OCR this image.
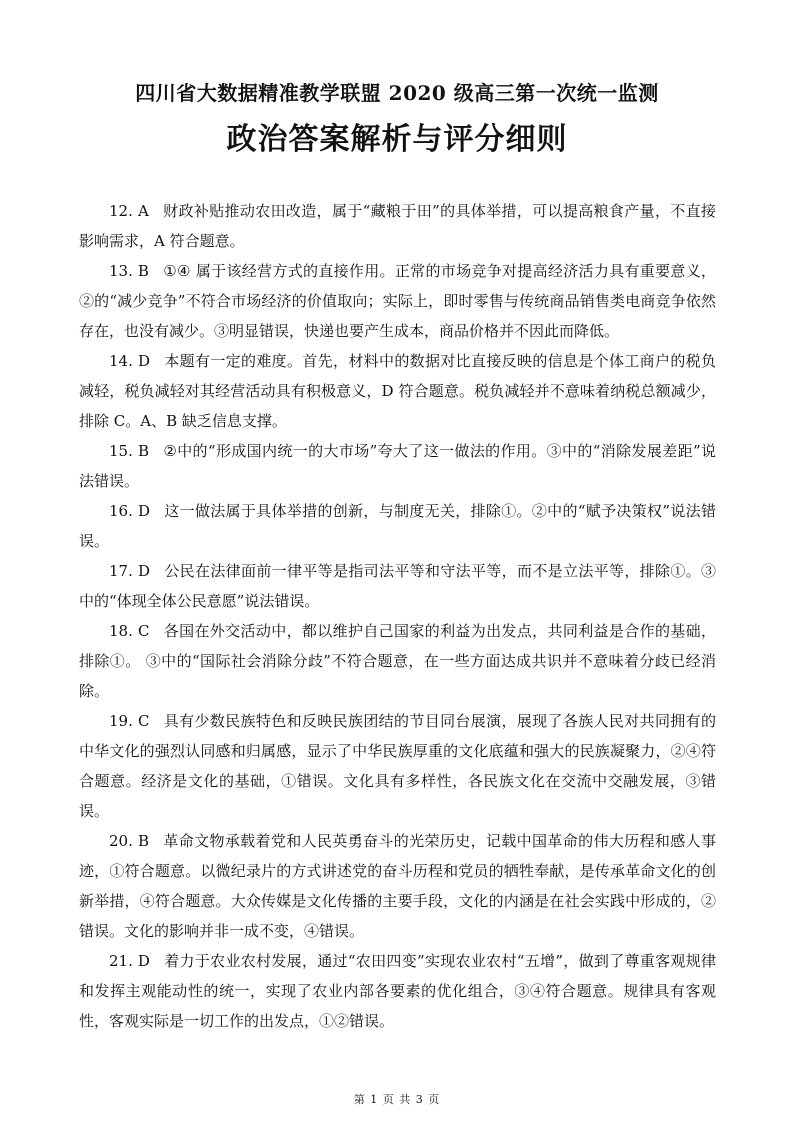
四川省大数据精准教学联盟 2020 级高三第一次统一监测

政治答案解析与评分细则

12. A 财政补贴推动农田改造，属于“藏粮于田”的具体举措，可以提高粮食产量，不直接影响需求，A 符合题意。

13. B ①④ 属于该经营方式的直接作用。正常的市场竞争对提高经济活力具有重要意义，②的“减少竞争”不符合市场经济的价值取向；实际上，即时零售与传统商品销售类电商竞争依然存在，也没有减少。③明显错误，快递也要产生成本，商品价格并不因此而降低。

14. D 本题有一定的难度。首先，材料中的数据对比直接反映的信息是个体工商户的税负减轻，税负减轻对其经营活动具有积极意义，D 符合题意。税负减轻并不意味着纳税总额减少，排除 C。A、B 缺乏信息支撑。

15. B ②中的“形成国内统一的大市场”夸大了这一做法的作用。③中的“消除发展差距”说法错误。

16. D 这一做法属于具体举措的创新，与制度无关，排除①。②中的“赋予决策权”说法错误。

17. D 公民在法律面前一律平等是指司法平等和守法平等，而不是立法平等，排除①。③中的“体现全体公民意愿”说法错误。

18. C 各国在外交活动中，都以维护自己国家的利益为出发点，共同利益是合作的基础，排除①。 ③中的“国际社会消除分歧”不符合题意，在一些方面达成共识并不意味着分歧已经消除。

19. C 具有少数民族特色和反映民族团结的节目同台展演，展现了各族人民对共同拥有的中华文化的强烈认同感和归属感，显示了中华民族厚重的文化底蕴和强大的民族凝聚力，②④符合题意。经济是文化的基础，①错误。文化具有多样性，各民族文化在交流中交融发展，③错误。

20. B 革命文物承载着党和人民英勇奋斗的光荣历史，记载中国革命的伟大历程和感人事迹，①符合题意。以微纪录片的方式讲述党的奋斗历程和党员的牺牲奉献，是传承革命文化的创新举措，④符合题意。大众传媒是文化传播的主要手段，文化的内涵是在社会实践中形成的，②错误。文化的影响并非一成不变，④错误。

21. D 着力于农业农村发展，通过“农田四变”实现农业农村“五增”，做到了尊重客观规律和发挥主观能动性的统一，实现了农业内部各要素的优化组合，③④符合题意。规律具有客观性，客观实际是一切工作的出发点，①②错误。

第 1 页 共 3 页
